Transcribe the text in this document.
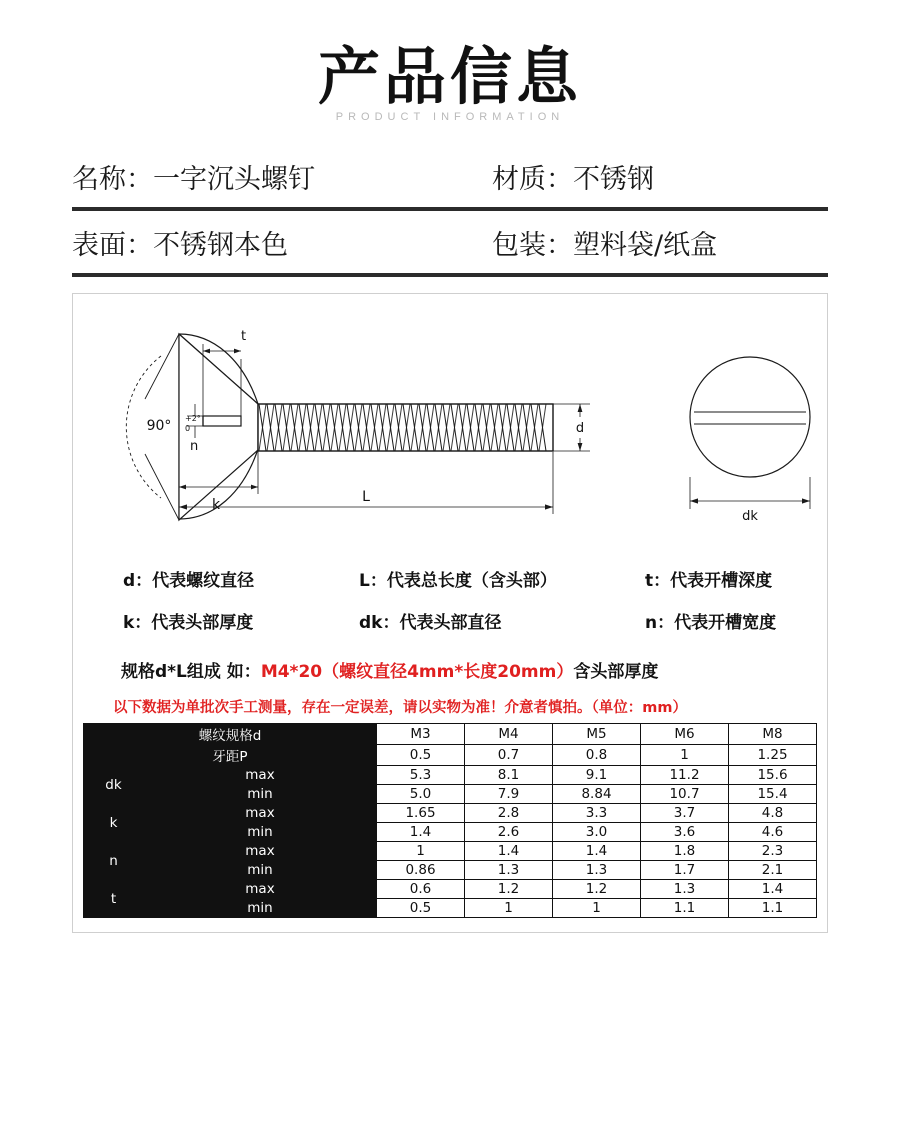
产品信息
PRODUCT INFORMATION
名称：一字沉头螺钉	材质：不锈钢
表面：不锈钢本色	包装：塑料袋/纸盒
90° +2°
0
t
n
k	L
d
dk
d：代表螺纹直径	L：代表总长度（含头部）	t：代表开槽深度
k：代表头部厚度	dk：代表头部直径	n：代表开槽宽度
规格d*L组成 如：M4*20（螺纹直径4mm*长度20mm）含头部厚度
以下数据为单批次手工测量，存在一定误差，请以实物为准！介意者慎拍。（单位：mm）
螺纹规格d		M3	M4	M5	M6	M8
牙距P		0.5	0.7	0.8	1	1.25
dk	max	5.3	8.1	9.1	11.2	15.6
	min	5.0	7.9	8.84	10.7	15.4
k	max	1.65	2.8	3.3	3.7	4.8
	min	1.4	2.6	3.0	3.6	4.6
n	max	1	1.4	1.4	1.8	2.3
	min	0.86	1.3	1.3	1.7	2.1
t	max	0.6	1.2	1.2	1.3	1.4
	min	0.5	1	1	1.1	1.1
